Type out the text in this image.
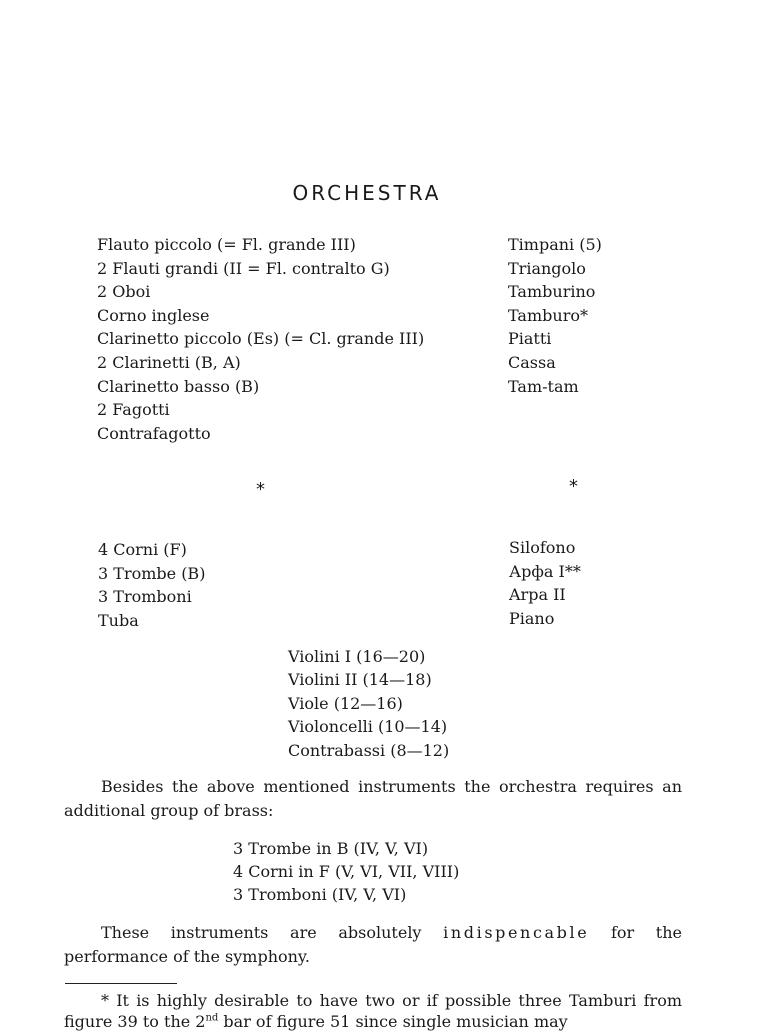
ORCHESTRA
Flauto piccolo (= Fl. grande III)
2 Flauti grandi (II = Fl. contralto G)
2 Oboi
Corno inglese
Clarinetto piccolo (Es) (= Cl. grande III)
2 Clarinetti (B, A)
Clarinetto basso (B)
2 Fagotti
Contrafagotto
Timpani (5)
Triangolo
Tamburino
Tamburo*
Piatti
Cassa
Tam-tam
*	*
4 Corni (F)
3 Trombe (B)
3 Tromboni
Tuba
Silofono
Арфа I**
Arpa II
Piano
Violini I (16—20)
Violini II (14—18)
Viole (12—16)
Violoncelli (10—14)
Contrabassi (8—12)

Besides the above mentioned instruments the orchestra requires an additional group of brass:

3 Trombe in B (IV, V, VI)
4 Corni in F (V, VI, VII, VIII)
3 Tromboni (IV, V, VI)

These instruments are absolutely indispencable for the performance of the symphony.

* It is highly desirable to have two or if possible three Tamburi from figure 39 to the 2nd bar of figure 51 since single musician may
